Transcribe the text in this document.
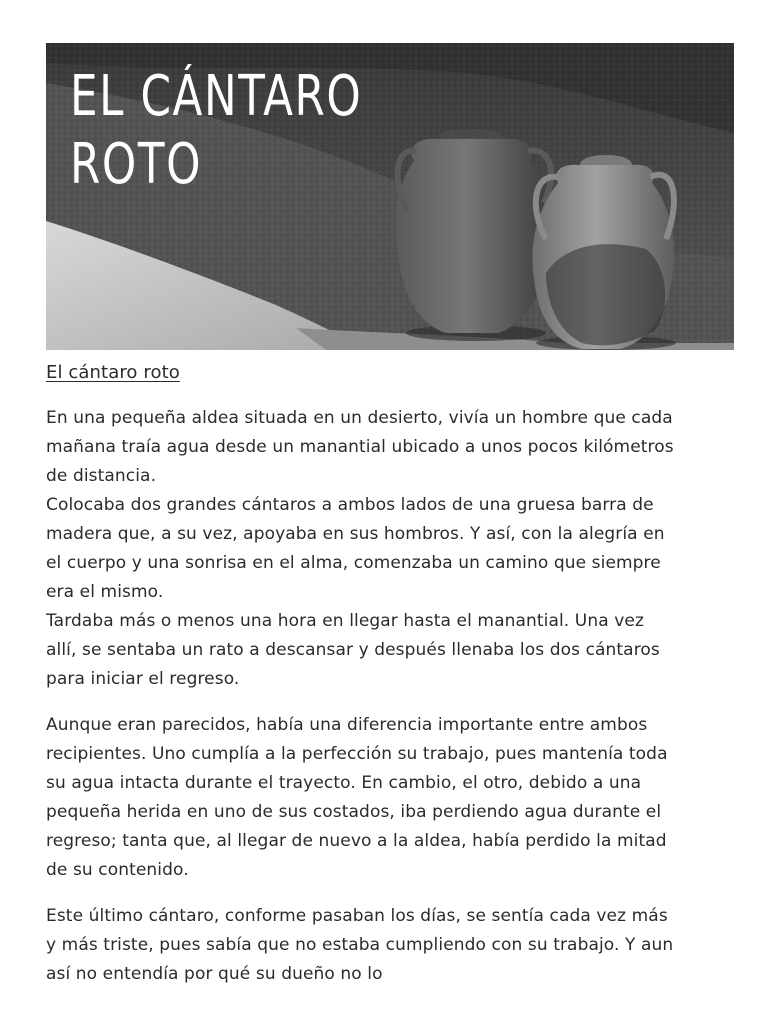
EL CÁNTARO
ROTO
El cántaro roto

En una pequeña aldea situada en un desierto, vivía un hombre que cada mañana traía agua desde un manantial ubicado a unos pocos kilómetros de distancia.
Colocaba dos grandes cántaros a ambos lados de una gruesa barra de madera que, a su vez, apoyaba en sus hombros. Y así, con la alegría en el cuerpo y una sonrisa en el alma, comenzaba un camino que siempre era el mismo.
Tardaba más o menos una hora en llegar hasta el manantial. Una vez allí, se sentaba un rato a descansar y después llenaba los dos cántaros para iniciar el regreso.

Aunque eran parecidos, había una diferencia importante entre ambos recipientes. Uno cumplía a la perfección su trabajo, pues mantenía toda su agua intacta durante el trayecto. En cambio, el otro, debido a una pequeña herida en uno de sus costados, iba perdiendo agua durante el regreso; tanta que, al llegar de nuevo a la aldea, había perdido la mitad de su contenido.

Este último cántaro, conforme pasaban los días, se sentía cada vez más y más triste, pues sabía que no estaba cumpliendo con su trabajo. Y aun así no entendía por qué su dueño no lo
